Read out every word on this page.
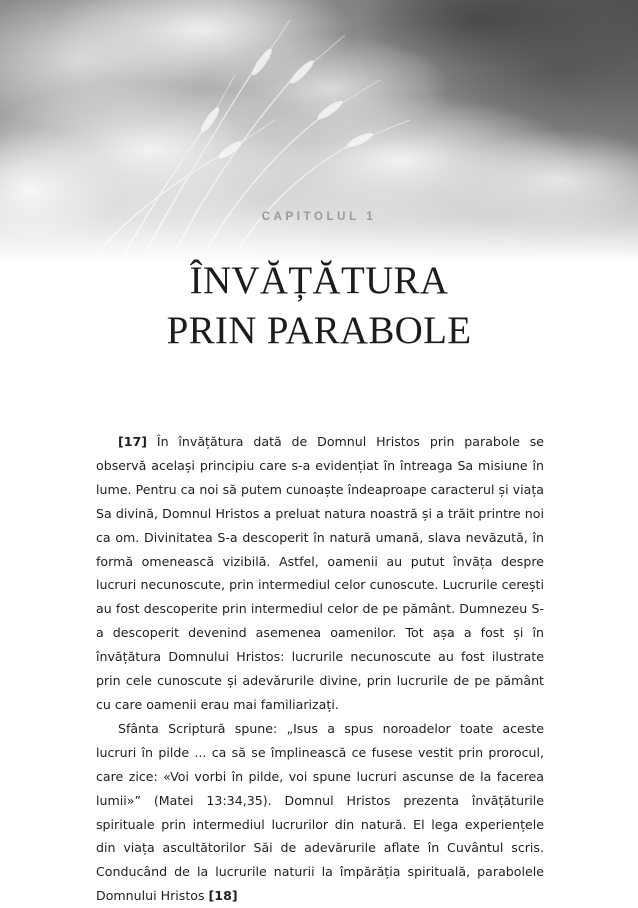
CAPITOLUL 1
ÎNVĂȚĂTURA
PRIN PARABOLE

[17] În învățătura dată de Domnul Hristos prin parabole se observă același principiu care s-a evidențiat în întreaga Sa misiune în lume. Pentru ca noi să putem cunoaște îndeaproape caracterul și viața Sa divină, Domnul Hristos a preluat natura noastră și a trăit printre noi ca om. Divinitatea S-a descoperit în natură umană, slava nevăzută, în formă omenească vizibilă. Astfel, oamenii au putut învăța despre lucruri necunoscute, prin intermediul celor cunoscute. Lucrurile cerești au fost descoperite prin intermediul celor de pe pământ. Dumnezeu S-a descoperit devenind asemenea oamenilor. Tot așa a fost și în învățătura Domnului Hristos: lucrurile necunoscute au fost ilustrate prin cele cunoscute și adevărurile divine, prin lucrurile de pe pământ cu care oamenii erau mai familiarizați.

Sfânta Scriptură spune: „Isus a spus noroadelor toate aceste lucruri în pilde ... ca să se împlinească ce fusese vestit prin prorocul, care zice: «Voi vorbi în pilde, voi spune lucruri ascunse de la facerea lumii»” (Matei 13:34,35). Domnul Hristos prezenta învățăturile spirituale prin intermediul lucrurilor din natură. El lega experiențele din viața ascultătorilor Săi de adevărurile aflate în Cuvântul scris. Conducând de la lucrurile naturii la împărăția spirituală, parabolele Domnului Hristos [18]
